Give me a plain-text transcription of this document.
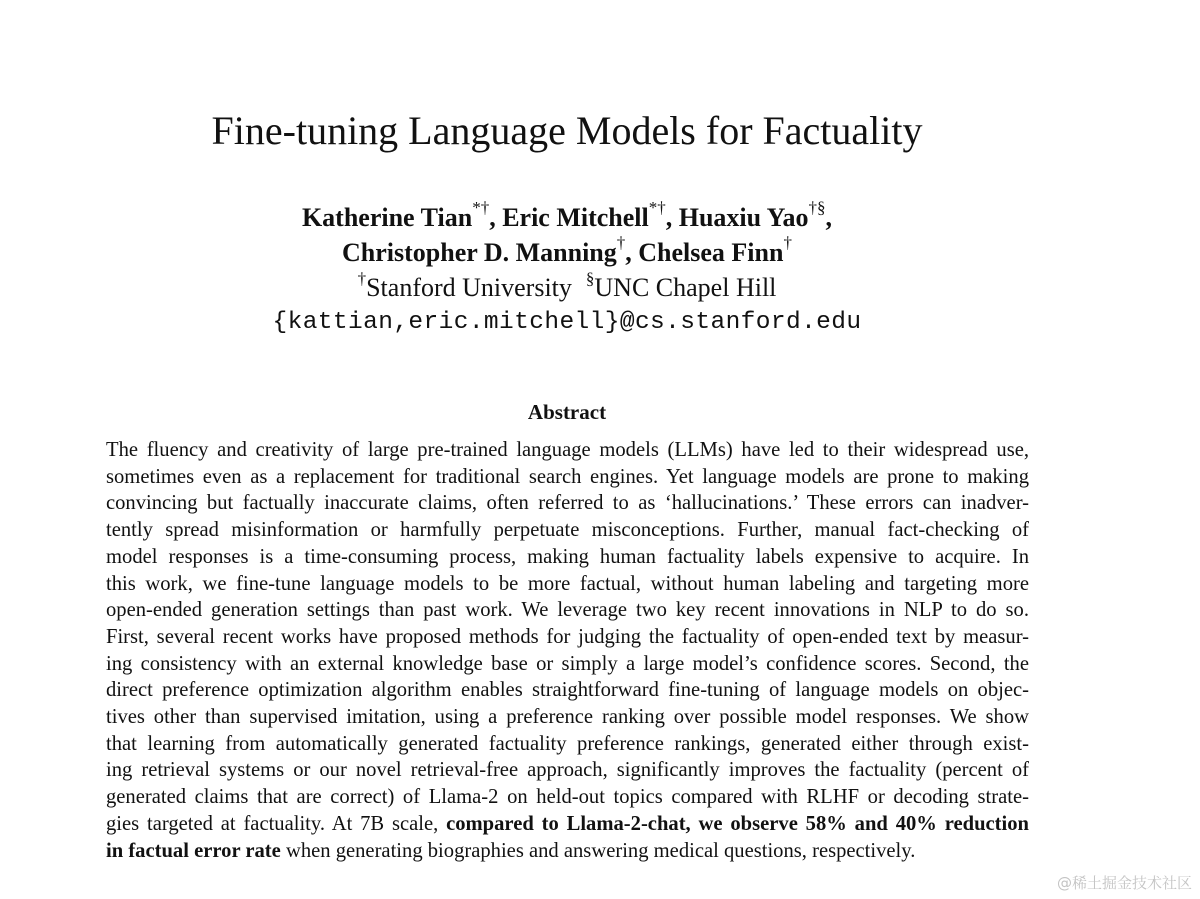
Fine-tuning Language Models for Factuality
Katherine Tian*†, Eric Mitchell*†, Huaxiu Yao†§,
Christopher D. Manning†, Chelsea Finn†
†Stanford University §UNC Chapel Hill
{kattian,eric.mitchell}@cs.stanford.edu
Abstract
The fluency and creativity of large pre-trained language models (LLMs) have led to their widespread use,
sometimes even as a replacement for traditional search engines. Yet language models are prone to making
convincing but factually inaccurate claims, often referred to as ‘hallucinations.’ These errors can inadver-
tently spread misinformation or harmfully perpetuate misconceptions. Further, manual fact-checking of
model responses is a time-consuming process, making human factuality labels expensive to acquire. In
this work, we fine-tune language models to be more factual, without human labeling and targeting more
open-ended generation settings than past work. We leverage two key recent innovations in NLP to do so.
First, several recent works have proposed methods for judging the factuality of open-ended text by measur-
ing consistency with an external knowledge base or simply a large model’s confidence scores. Second, the
direct preference optimization algorithm enables straightforward fine-tuning of language models on objec-
tives other than supervised imitation, using a preference ranking over possible model responses. We show
that learning from automatically generated factuality preference rankings, generated either through exist-
ing retrieval systems or our novel retrieval-free approach, significantly improves the factuality (percent of
generated claims that are correct) of Llama-2 on held-out topics compared with RLHF or decoding strate-
gies targeted at factuality. At 7B scale, compared to Llama-2-chat, we observe 58% and 40% reduction
in factual error rate when generating biographies and answering medical questions, respectively.
@稀土掘金技术社区
